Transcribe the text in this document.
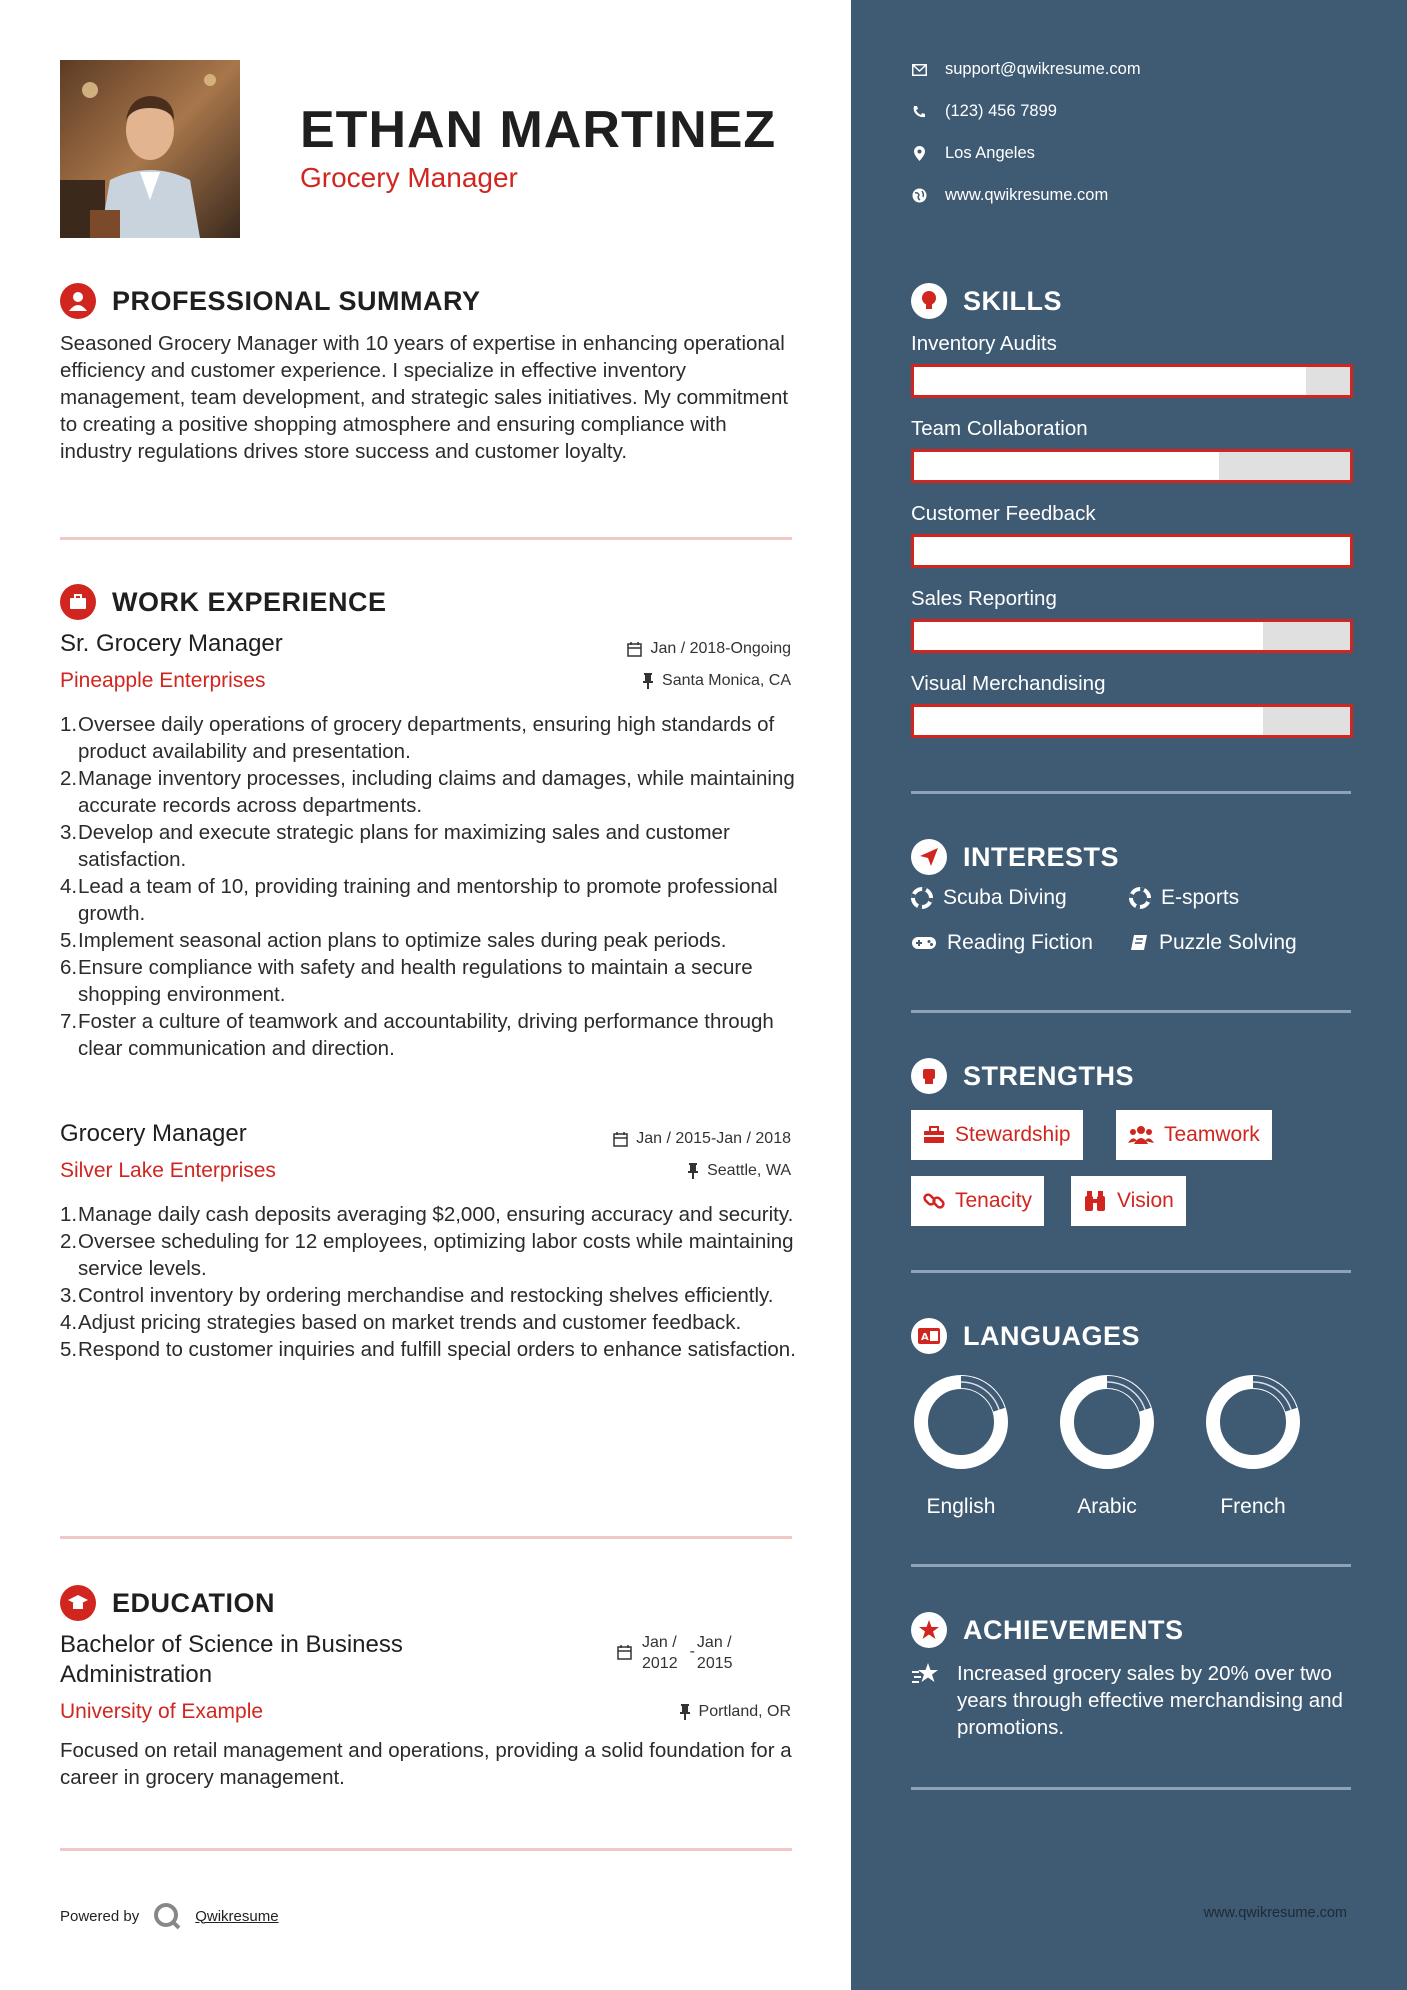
ETHAN MARTINEZ
Grocery Manager
PROFESSIONAL SUMMARY
Seasoned Grocery Manager with 10 years of expertise in enhancing operational efficiency and customer experience. I specialize in effective inventory management, team development, and strategic sales initiatives. My commitment to creating a positive shopping atmosphere and ensuring compliance with industry regulations drives store success and customer loyalty.
WORK EXPERIENCE
Sr. Grocery Manager	Jan / 2018-Ongoing
Pineapple Enterprises	Santa Monica, CA
1. Oversee daily operations of grocery departments, ensuring high standards of product availability and presentation.
2. Manage inventory processes, including claims and damages, while maintaining accurate records across departments.
3. Develop and execute strategic plans for maximizing sales and customer satisfaction.
4. Lead a team of 10, providing training and mentorship to promote professional growth.
5. Implement seasonal action plans to optimize sales during peak periods.
6. Ensure compliance with safety and health regulations to maintain a secure shopping environment.
7. Foster a culture of teamwork and accountability, driving performance through clear communication and direction.
Grocery Manager	Jan / 2015-Jan / 2018
Silver Lake Enterprises	Seattle, WA
1. Manage daily cash deposits averaging $2,000, ensuring accuracy and security.
2. Oversee scheduling for 12 employees, optimizing labor costs while maintaining service levels.
3. Control inventory by ordering merchandise and restocking shelves efficiently.
4. Adjust pricing strategies based on market trends and customer feedback.
5. Respond to customer inquiries and fulfill special orders to enhance satisfaction.
EDUCATION
Bachelor of Science in Business
Administration
Jan /
2012
-
Jan /
2015
University of Example	Portland, OR
Focused on retail management and operations, providing a solid foundation for a career in grocery management.
Powered by	Qwikresume
support@qwikresume.com
(123) 456 7899
Los Angeles
www.qwikresume.com
SKILLS
Inventory Audits
Team Collaboration
Customer Feedback
Sales Reporting
Visual Merchandising
INTERESTS
Scuba Diving	E-sports
Reading Fiction	Puzzle Solving
STRENGTHS
Stewardship	Teamwork
Tenacity	Vision
A LANGUAGES
English	Arabic	French
ACHIEVEMENTS
Increased grocery sales by 20% over two years through effective merchandising and promotions.
www.qwikresume.com
